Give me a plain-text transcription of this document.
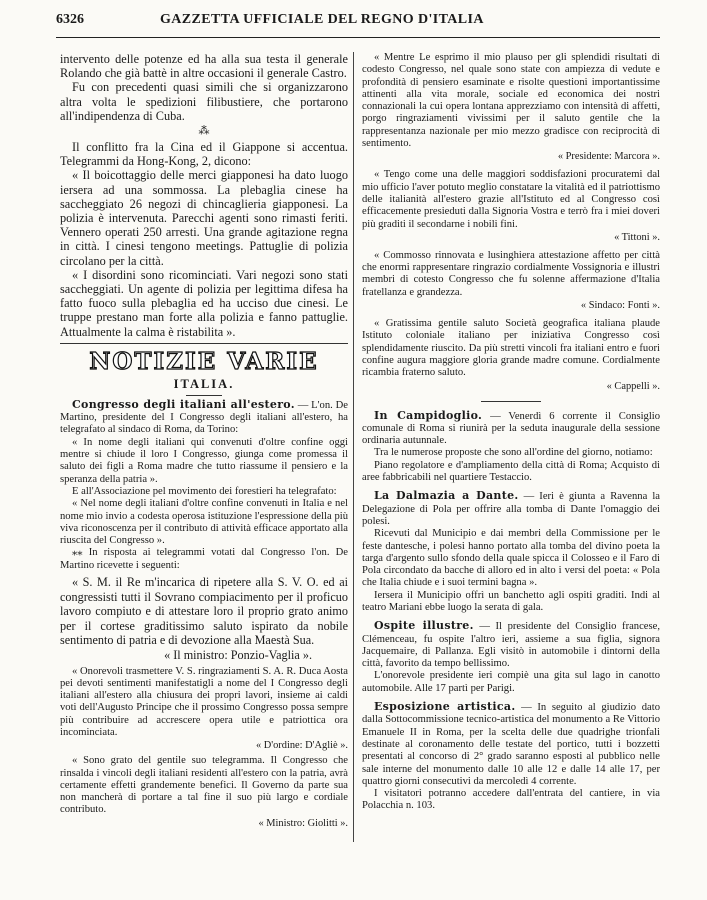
6326	GAZZETTA UFFICIALE DEL REGNO D'ITALIA

intervento delle potenze ed ha alla sua testa il generale Rolando che già battè in altre occasioni il generale Castro.

Fu con precedenti quasi simili che si organizzarono altra volta le spedizioni filibustiere, che portarono all'indipendenza di Cuba.

⁂

Il conflitto fra la Cina ed il Giappone si accentua. Telegrammi da Hong-Kong, 2, dicono:

« Il boicottaggio delle merci giapponesi ha dato luogo iersera ad una sommossa. La plebaglia cinese ha saccheggiato 26 negozi di chincaglieria giapponesi. La polizia è intervenuta. Parecchi agenti sono rimasti feriti. Vennero operati 250 arresti. Una grande agitazione regna in città. I cinesi tengono meetings. Pattuglie di polizia circolano per la città.

« I disordini sono ricominciati. Vari negozi sono stati saccheggiati. Un agente di polizia per legittima difesa ha fatto fuoco sulla plebaglia ed ha ucciso due cinesi. Le truppe prestano man forte alla polizia e fanno pattuglie. Attualmente la calma è ristabilita ».

NOTIZIE VARIE
ITALIA.

Congresso degli italiani all'estero. — L'on. De Martino, presidente del I Congresso degli italiani all'estero, ha telegrafato al sindaco di Roma, da Torino:

« In nome degli italiani qui convenuti d'oltre confine oggi mentre si chiude il loro I Congresso, giunga come promessa il saluto dei figli a Roma madre che tutto riassume il pensiero e la speranza della patria ».

E all'Associazione pel movimento dei forestieri ha telegrafato:

« Nel nome degli italiani d'oltre confine convenuti in Italia e nel nome mio invio a codesta operosa istituzione l'espressione della più viva riconoscenza per il contributo di attività efficace apportato alla riuscita del Congresso ».

⁎⁎ In risposta ai telegrammi votati dal Congresso l'on. De Martino ricevette i seguenti:

« S. M. il Re m'incarica di ripetere alla S. V. O. ed ai congressisti tutti il Sovrano compiacimento per il proficuo lavoro compiuto e di attestare loro il proprio grato animo per il cortese graditissimo saluto ispirato da nobile sentimento di patria e di devozione alla Maestà Sua.

« Il ministro: Ponzio-Vaglia ».

« Onorevoli trasmettere V. S. ringraziamenti S. A. R. Duca Aosta pei devoti sentimenti manifestatigli a nome del I Congresso degli italiani all'estero alla chiusura dei propri lavori, insieme ai caldi voti dell'Augusto Principe che il prossimo Congresso possa sempre più contribuire ad accrescere opera utile e patriottica ora incominciata.

« D'ordine: D'Agliè ».

« Sono grato del gentile suo telegramma. Il Congresso che rinsalda i vincoli degli italiani residenti all'estero con la patria, avrà certamente effetti grandemente benefici. Il Governo da parte sua non mancherà di portare a tal fine il suo più largo e cordiale contributo.

« Ministro: Giolitti ».

« Mentre Le esprimo il mio plauso per gli splendidi risultati di codesto Congresso, nel quale sono state con ampiezza di vedute e profondità di pensiero esaminate e risolte questioni importantissime attinenti alla vita morale, sociale ed economica dei nostri connazionali la cui opera lontana apprezziamo con intensità di affetti, porgo ringraziamenti vivissimi per il saluto gentile che la rappresentanza nazionale per mio mezzo gradisce con reciprocità di sentimento.

« Presidente: Marcora ».

« Tengo come una delle maggiori soddisfazioni procuratemi dal mio ufficio l'aver potuto meglio constatare la vitalità ed il patriottismo delle italianità all'estero grazie all'Istituto ed al Congresso così efficacemente presieduti dalla Signoria Vostra e terrò fra i miei doveri più graditi il secondarne i nobili fini.

« Tittoni ».

« Commosso rinnovata e lusinghiera attestazione affetto per città che enormi rappresentare ringrazio cordialmente Vossignoria e illustri membri di cotesto Congresso che fu solenne affermazione d'Italia fratellanza e grandezza.

« Sindaco: Fonti ».

« Gratissima gentile saluto Società geografica italiana plaude Istituto coloniale italiano per iniziativa Congresso così splendidamente riuscito. Da più stretti vincoli fra italiani entro e fuori confine augura maggiore gloria grande madre comune. Cordialmente ricambia fraterno saluto.

« Cappelli ».

In Campidoglio. — Venerdì 6 corrente il Consiglio comunale di Roma si riunirà per la seduta inaugurale della sessione ordinaria autunnale.

Tra le numerose proposte che sono all'ordine del giorno, notiamo:

Piano regolatore e d'ampliamento della città di Roma; Acquisto di aree fabbricabili nel quartiere Testaccio.

La Dalmazia a Dante. — Ieri è giunta a Ravenna la Delegazione di Pola per offrire alla tomba di Dante l'omaggio dei polesi.

Ricevuti dal Municipio e dai membri della Commissione per le feste dantesche, i polesi hanno portato alla tomba del divino poeta la targa d'argento sullo sfondo della quale spicca il Colosseo e il Faro di Pola circondato da bacche di alloro ed in alto i versi del poeta: « Pola che Italia chiude e i suoi termini bagna ».

Iersera il Municipio offrì un banchetto agli ospiti graditi. Indi al teatro Mariani ebbe luogo la serata di gala.

Ospite illustre. — Il presidente del Consiglio francese, Clémenceau, fu ospite l'altro ieri, assieme a sua figlia, signora Jacquemaire, di Pallanza. Egli visitò in automobile i dintorni della città, favorito da tempo bellissimo.

L'onorevole presidente ieri compiè una gita sul lago in canotto automobile. Alle 17 partì per Parigi.

Esposizione artistica. — In seguito al giudizio dato dalla Sottocommissione tecnico-artistica del monumento a Re Vittorio Emanuele II in Roma, per la scelta delle due quadrighe trionfali destinate al coronamento delle testate del portico, tutti i bozzetti presentati al concorso di 2° grado saranno esposti al pubblico nelle sale interne del monumento dalle 10 alle 12 e dalle 14 alle 17, per quattro giorni consecutivi da mercoledì 4 corrente.

I visitatori potranno accedere dall'entrata del cantiere, in via Polacchia n. 103.
